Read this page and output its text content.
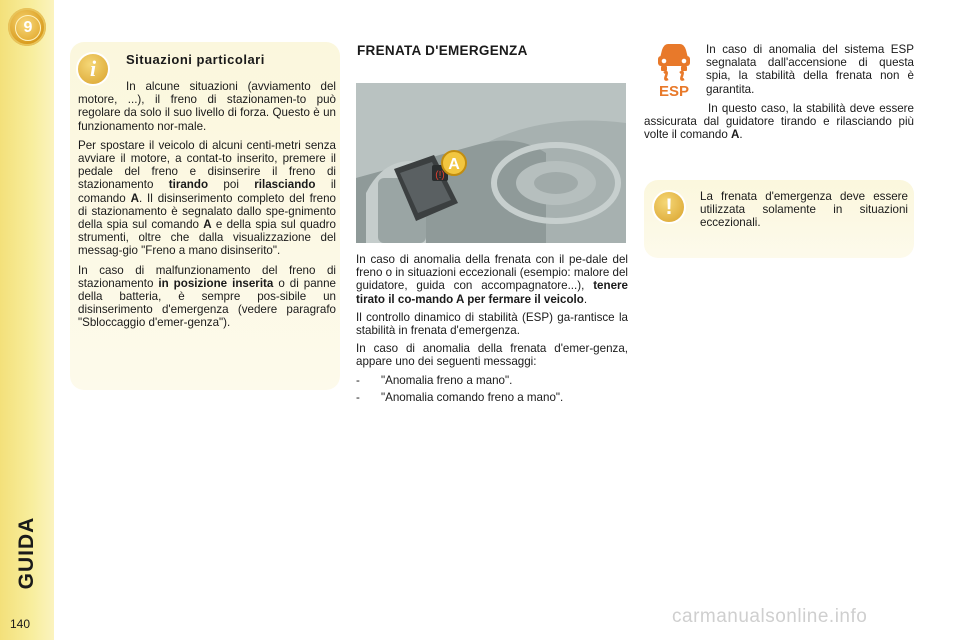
9
GUIDA
140
i	Situazioni particolari

In alcune situazioni (avviamento del motore, ...), il freno di stazionamen-to può regolare da solo il suo livello di forza. Questo è un funzionamento nor-male.

Per spostare il veicolo di alcuni centi-metri senza avviare il motore, a contat-to inserito, premere il pedale del freno e disinserire il freno di stazionamento tirando poi rilasciando il comando A. Il disinserimento completo del freno di stazionamento è segnalato dallo spe-gnimento della spia sul comando A e della spia sul quadro strumenti, oltre che dalla visualizzazione del messag-gio "Freno a mano disinserito".

In caso di malfunzionamento del freno di stazionamento in posizione inserita o di panne della batteria, è sempre pos-sibile un disinserimento d'emergenza (vedere paragrafo "Sbloccaggio d'emer-genza").

FRENATA D'EMERGENZA
(!)
A

In caso di anomalia della frenata con il pe-dale del freno o in situazioni eccezionali (esempio: malore del guidatore, guida con accompagnatore...), tenere tirato il co-mando A per fermare il veicolo.

Il controllo dinamico di stabilità (ESP) ga-rantisce la stabilità in frenata d'emergenza.

In caso di anomalia della frenata d'emer-genza, appare uno dei seguenti messaggi:

- "Anomalia freno a mano".
- "Anomalia comando freno a mano".
ESP

In caso di anomalia del sistema ESP segnalata dall'accensione di questa spia, la stabilità della frenata non è garantita.

In questo caso, la stabilità deve essere assicurata dal guidatore tirando e rilasciando più volte il comando A.

!	La frenata d'emergenza deve essere utilizzata solamente in situazioni eccezionali.

carmanualsonline.info
